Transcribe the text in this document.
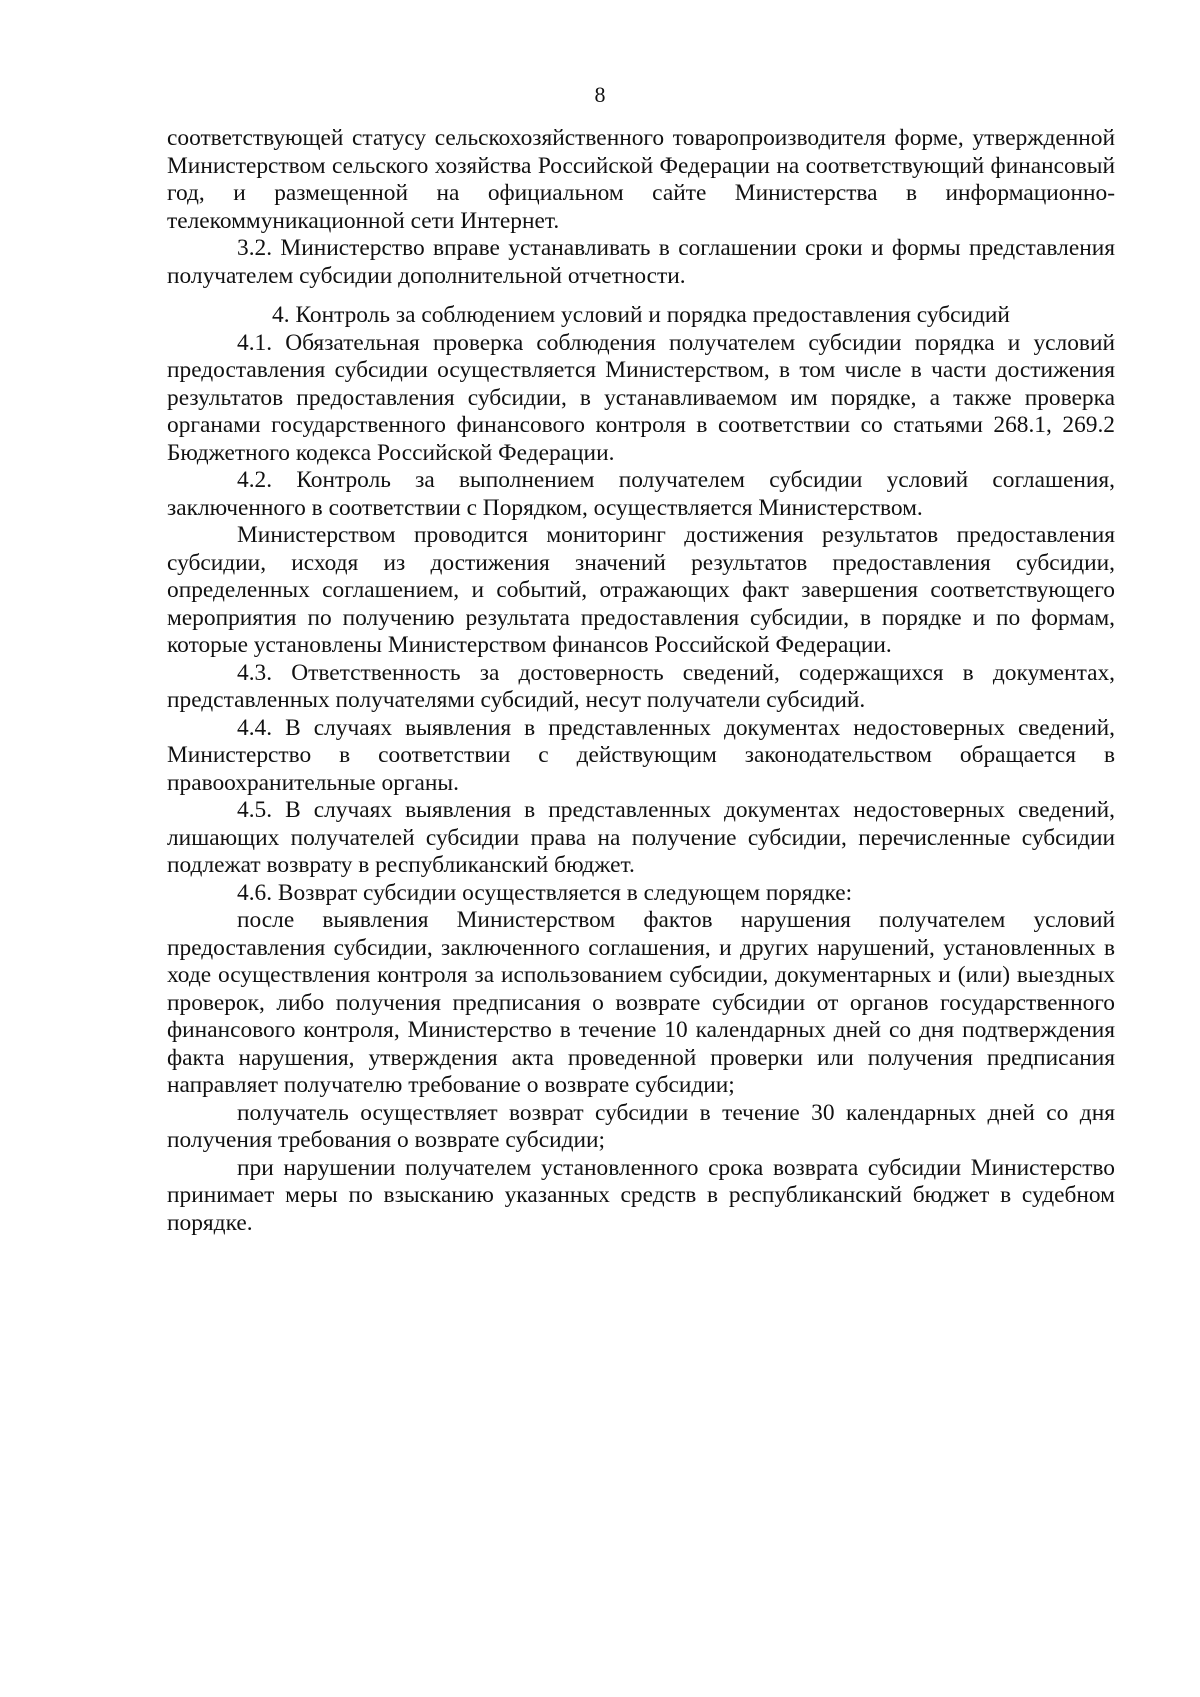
8

соответствующей статусу сельскохозяйственного товаропроизводителя форме, утвержденной Министерством сельского хозяйства Российской Федерации на соответствующий финансовый год, и размещенной на официальном сайте Министерства в информационно-телекоммуникационной сети Интернет.

3.2. Министерство вправе устанавливать в соглашении сроки и формы представления получателем субсидии дополнительной отчетности.

4. Контроль за соблюдением условий и порядка предоставления субсидий

4.1. Обязательная проверка соблюдения получателем субсидии порядка и условий предоставления субсидии осуществляется Министерством, в том числе в части достижения результатов предоставления субсидии, в устанавливаемом им порядке, а также проверка органами государственного финансового контроля в соответствии со статьями 268.1, 269.2 Бюджетного кодекса Российской Федерации.

4.2. Контроль за выполнением получателем субсидии условий соглашения, заключенного в соответствии с Порядком, осуществляется Министерством.

Министерством проводится мониторинг достижения результатов предоставления субсидии, исходя из достижения значений результатов предоставления субсидии, определенных соглашением, и событий, отражающих факт завершения соответствующего мероприятия по получению результата предоставления субсидии, в порядке и по формам, которые установлены Министерством финансов Российской Федерации.

4.3. Ответственность за достоверность сведений, содержащихся в документах, представленных получателями субсидий, несут получатели субсидий.

4.4. В случаях выявления в представленных документах недостоверных сведений, Министерство в соответствии с действующим законодательством обращается в правоохранительные органы.

4.5. В случаях выявления в представленных документах недостоверных сведений, лишающих получателей субсидии права на получение субсидии, перечисленные субсидии подлежат возврату в республиканский бюджет.

4.6. Возврат субсидии осуществляется в следующем порядке:

после выявления Министерством фактов нарушения получателем условий предоставления субсидии, заключенного соглашения, и других нарушений, установленных в ходе осуществления контроля за использованием субсидии, документарных и (или) выездных проверок, либо получения предписания о возврате субсидии от органов государственного финансового контроля, Министерство в течение 10 календарных дней со дня подтверждения факта нарушения, утверждения акта проведенной проверки или получения предписания направляет получателю требование о возврате субсидии;

получатель осуществляет возврат субсидии в течение 30 календарных дней со дня получения требования о возврате субсидии;

при нарушении получателем установленного срока возврата субсидии Министерство принимает меры по взысканию указанных средств в республиканский бюджет в судебном порядке.
